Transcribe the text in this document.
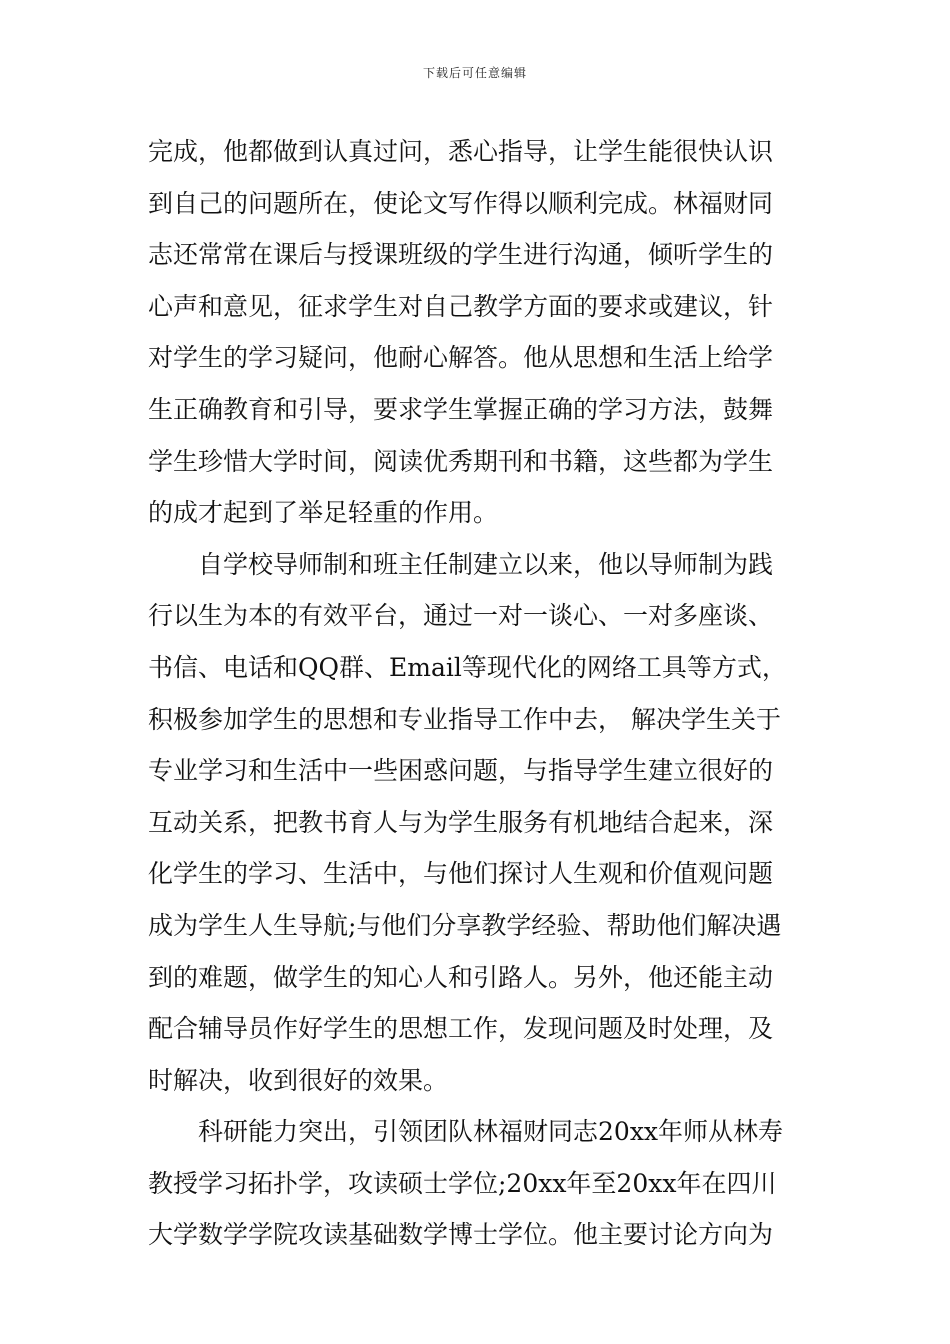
下载后可任意编辑
完成，他都做到认真过问，悉心指导，让学生能很快认识
到自己的问题所在，使论文写作得以顺利完成。林福财同
志还常常在课后与授课班级的学生进行沟通，倾听学生的
心声和意见，征求学生对自己教学方面的要求或建议，针
对学生的学习疑问，他耐心解答。他从思想和生活上给学
生正确教育和引导，要求学生掌握正确的学习方法，鼓舞
学生珍惜大学时间，阅读优秀期刊和书籍，这些都为学生
的成才起到了举足轻重的作用。
自学校导师制和班主任制建立以来，他以导师制为践
行以生为本的有效平台，通过一对一谈心、一对多座谈、
书信、电话和QQ群、Email等现代化的网络工具等方式，
积极参加学生的思想和专业指导工作中去， 解决学生关于
专业学习和生活中一些困惑问题，与指导学生建立很好的
互动关系，把教书育人与为学生服务有机地结合起来，深
化学生的学习、生活中，与他们探讨人生观和价值观问题
成为学生人生导航;与他们分享教学经验、帮助他们解决遇
到的难题，做学生的知心人和引路人。另外，他还能主动
配合辅导员作好学生的思想工作，发现问题及时处理，及
时解决，收到很好的效果。
科研能力突出，引领团队林福财同志20xx年师从林寿
教授学习拓扑学，攻读硕士学位;20xx年至20xx年在四川
大学数学学院攻读基础数学博士学位。他主要讨论方向为
